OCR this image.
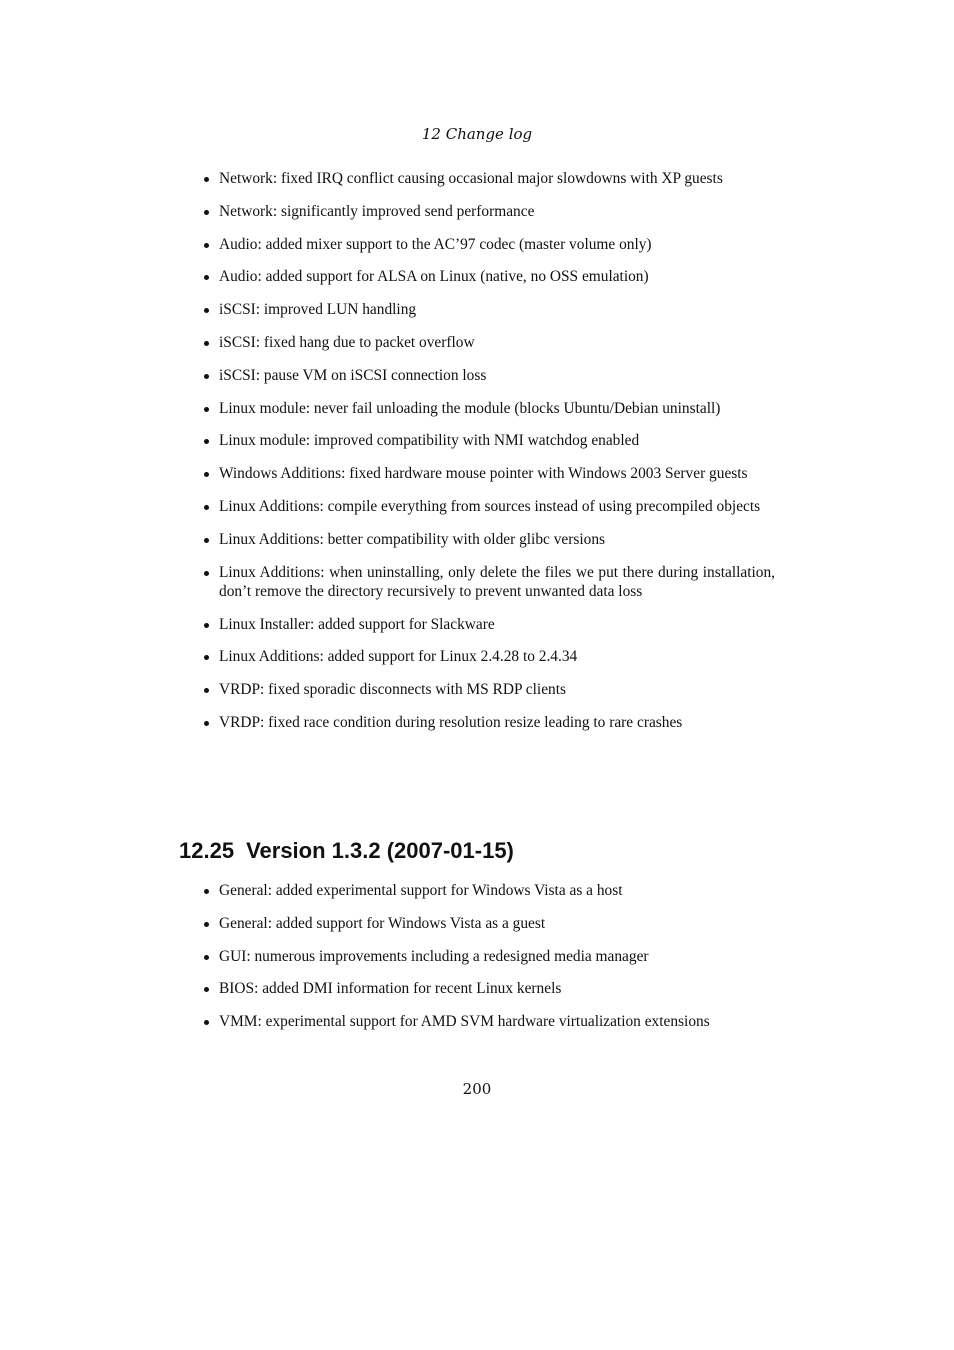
12 Change log
Network: fixed IRQ conflict causing occasional major slowdowns with XP guests
Network: significantly improved send performance
Audio: added mixer support to the AC’97 codec (master volume only)
Audio: added support for ALSA on Linux (native, no OSS emulation)
iSCSI: improved LUN handling
iSCSI: fixed hang due to packet overflow
iSCSI: pause VM on iSCSI connection loss
Linux module: never fail unloading the module (blocks Ubuntu/Debian uninstall)
Linux module: improved compatibility with NMI watchdog enabled
Windows Additions: fixed hardware mouse pointer with Windows 2003 Server guests
Linux Additions: compile everything from sources instead of using precompiled objects
Linux Additions: better compatibility with older glibc versions
Linux Additions: when uninstalling, only delete the files we put there during installation, don’t remove the directory recursively to prevent unwanted data loss
Linux Installer: added support for Slackware
Linux Additions: added support for Linux 2.4.28 to 2.4.34
VRDP: fixed sporadic disconnects with MS RDP clients
VRDP: fixed race condition during resolution resize leading to rare crashes
12.25 Version 1.3.2 (2007-01-15)
General: added experimental support for Windows Vista as a host
General: added support for Windows Vista as a guest
GUI: numerous improvements including a redesigned media manager
BIOS: added DMI information for recent Linux kernels
VMM: experimental support for AMD SVM hardware virtualization extensions
200
